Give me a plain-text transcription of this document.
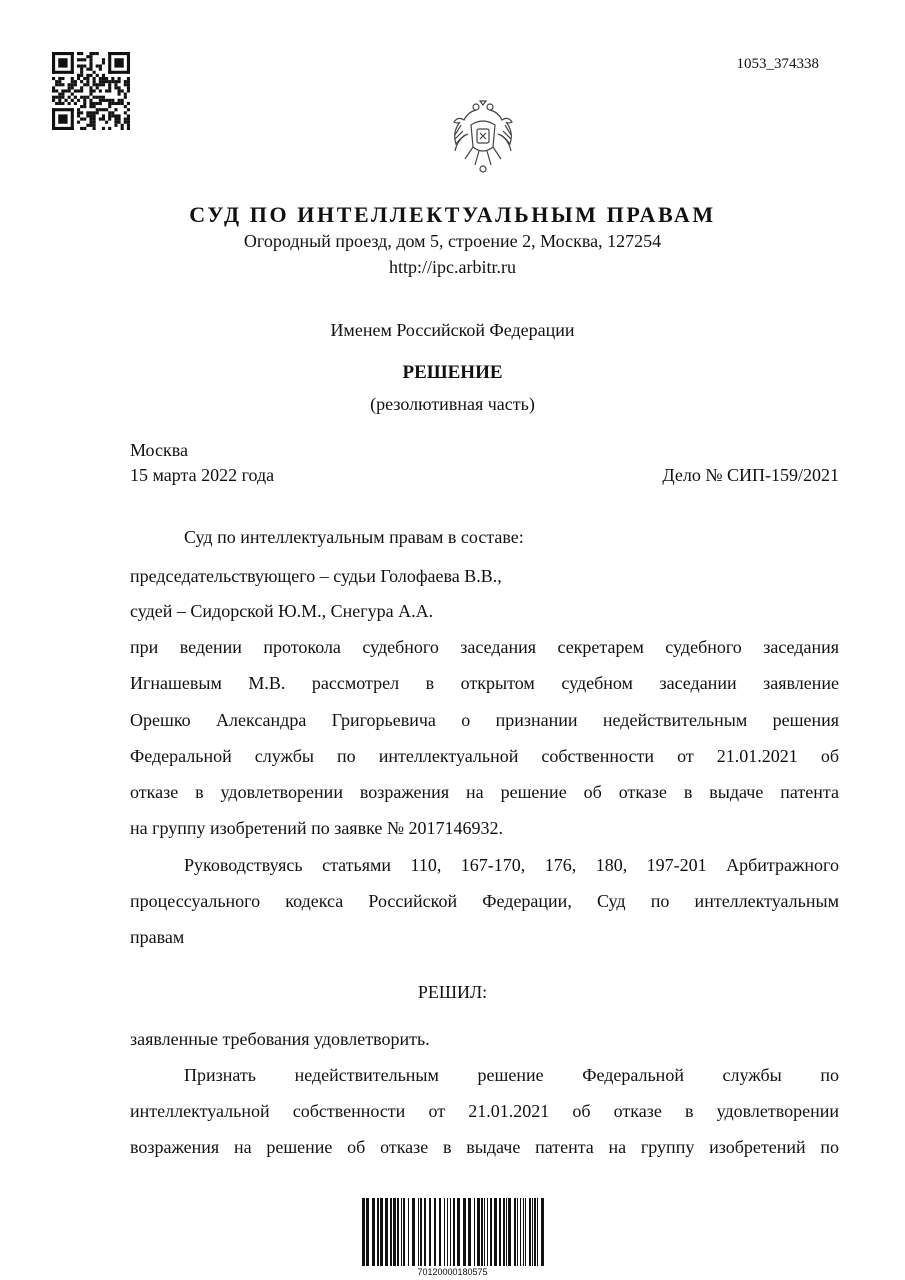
1053_374338
СУД ПО ИНТЕЛЛЕКТУАЛЬНЫМ ПРАВАМ
Огородный проезд, дом 5, строение 2, Москва, 127254
http://ipc.arbitr.ru
Именем Российской Федерации
РЕШЕНИЕ
(резолютивная часть)
Москва
15 марта 2022 года	Дело № СИП-159/2021
Суд по интеллектуальным правам в составе:
председательствующего – судьи Голофаева В.В.,
судей – Сидорской Ю.М., Снегура А.А.
при ведении протокола судебного заседания секретарем судебного заседания
Игнашевым М.В. рассмотрел в открытом судебном заседании заявление
Орешко Александра Григорьевича о признании недействительным решения
Федеральной службы по интеллектуальной собственности от 21.01.2021 об
отказе в удовлетворении возражения на решение об отказе в выдаче патента
на группу изобретений по заявке № 2017146932.
Руководствуясь статьями 110, 167-170, 176, 180, 197-201 Арбитражного
процессуального кодекса Российской Федерации, Суд по интеллектуальным
правам
заявленные требования удовлетворить.
Признать недействительным решение Федеральной службы по
интеллектуальной собственности от 21.01.2021 об отказе в удовлетворении
возражения на решение об отказе в выдаче патента на группу изобретений по
РЕШИЛ:
70120000180575
